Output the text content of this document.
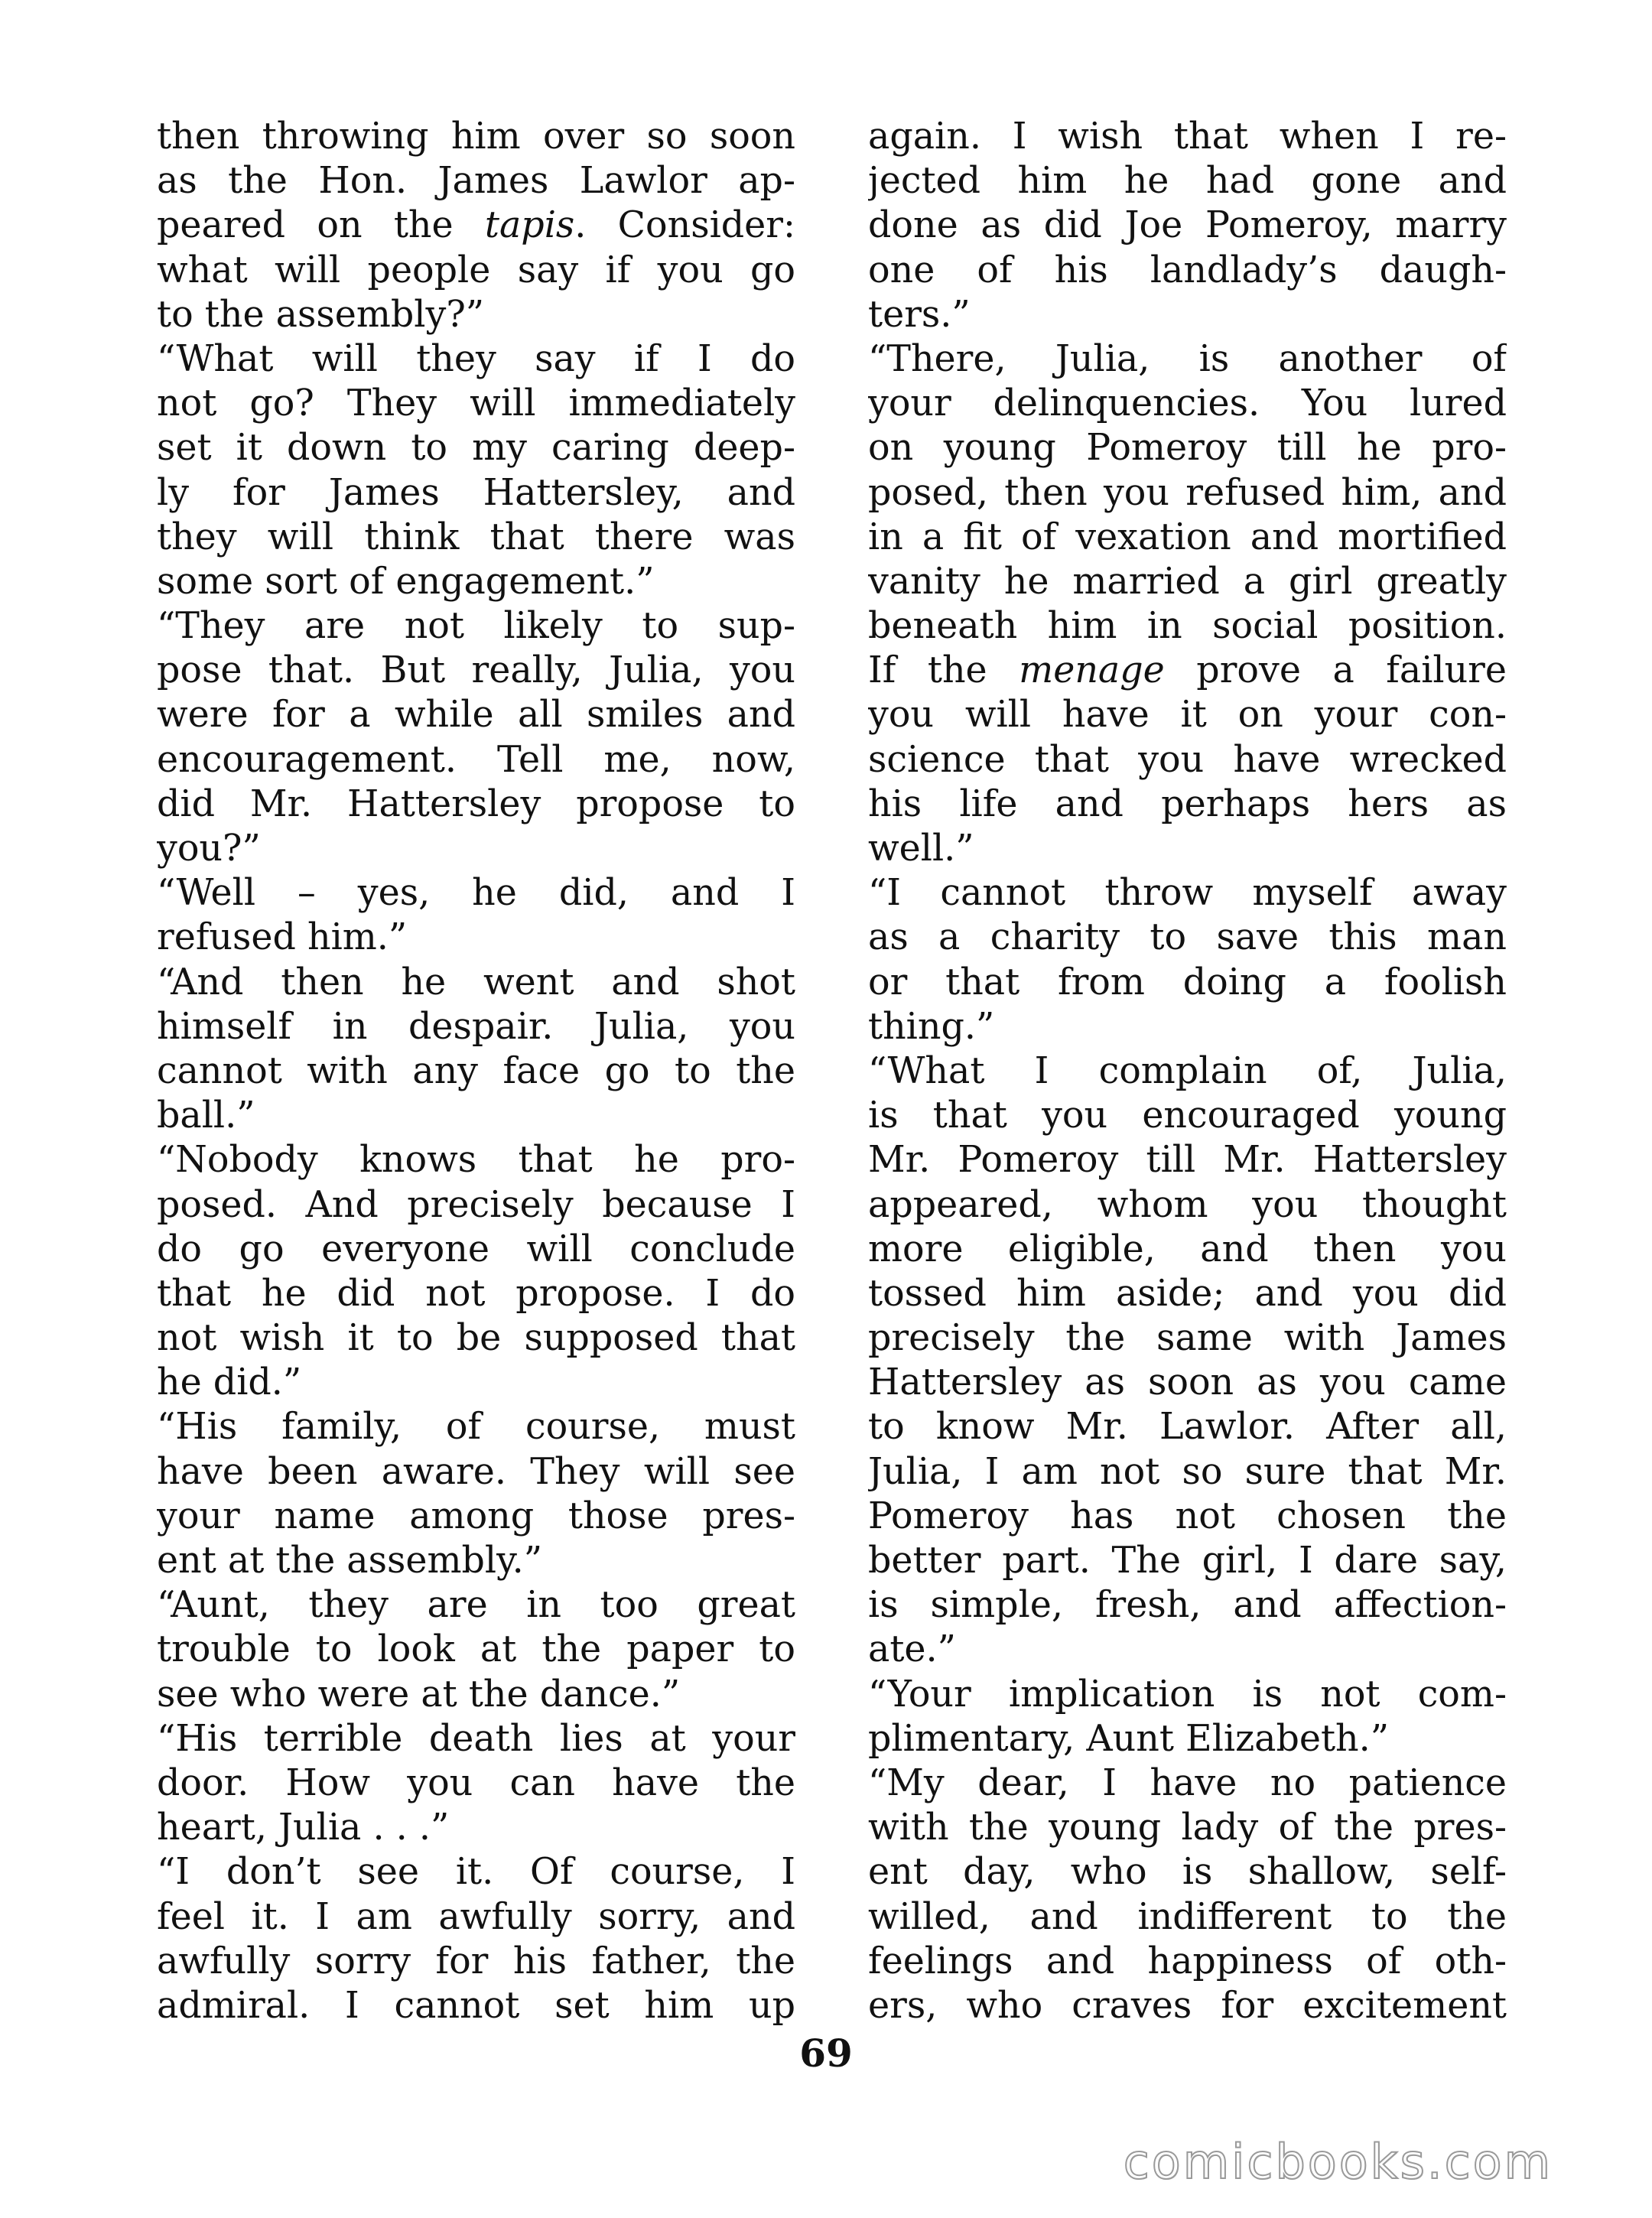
then throwing him over so soon
as the Hon. James Lawlor ap-
peared on the tapis. Consider:
what will people say if you go
to the assembly?”
“What will they say if I do
not go? They will immediately
set it down to my caring deep-
ly for James Hattersley, and
they will think that there was
some sort of engagement.”
“They are not likely to sup-
pose that. But really, Julia, you
were for a while all smiles and
encouragement. Tell me, now,
did Mr. Hattersley propose to
you?”
“Well – yes, he did, and I
refused him.”
“And then he went and shot
himself in despair. Julia, you
cannot with any face go to the
ball.”
“Nobody knows that he pro-
posed. And precisely because I
do go everyone will conclude
that he did not propose. I do
not wish it to be supposed that
he did.”
“His family, of course, must
have been aware. They will see
your name among those pres-
ent at the assembly.”
“Aunt, they are in too great
trouble to look at the paper to
see who were at the dance.”
“His terrible death lies at your
door. How you can have the
heart, Julia . . .”
“I don’t see it. Of course, I
feel it. I am awfully sorry, and
awfully sorry for his father, the
admiral. I cannot set him up
again. I wish that when I re-
jected him he had gone and
done as did Joe Pomeroy, marry
one of his landlady’s daugh-
ters.”
“There, Julia, is another of
your delinquencies. You lured
on young Pomeroy till he pro-
posed, then you refused him, and
in a fit of vexation and mortified
vanity he married a girl greatly
beneath him in social position.
If the menage prove a failure
you will have it on your con-
science that you have wrecked
his life and perhaps hers as
well.”
“I cannot throw myself away
as a charity to save this man
or that from doing a foolish
thing.”
“What I complain of, Julia,
is that you encouraged young
Mr. Pomeroy till Mr. Hattersley
appeared, whom you thought
more eligible, and then you
tossed him aside; and you did
precisely the same with James
Hattersley as soon as you came
to know Mr. Lawlor. After all,
Julia, I am not so sure that Mr.
Pomeroy has not chosen the
better part. The girl, I dare say,
is simple, fresh, and affection-
ate.”
“Your implication is not com-
plimentary, Aunt Elizabeth.”
“My dear, I have no patience
with the young lady of the pres-
ent day, who is shallow, self-
willed, and indifferent to the
feelings and happiness of oth-
ers, who craves for excitement
69
comicbooks.com
